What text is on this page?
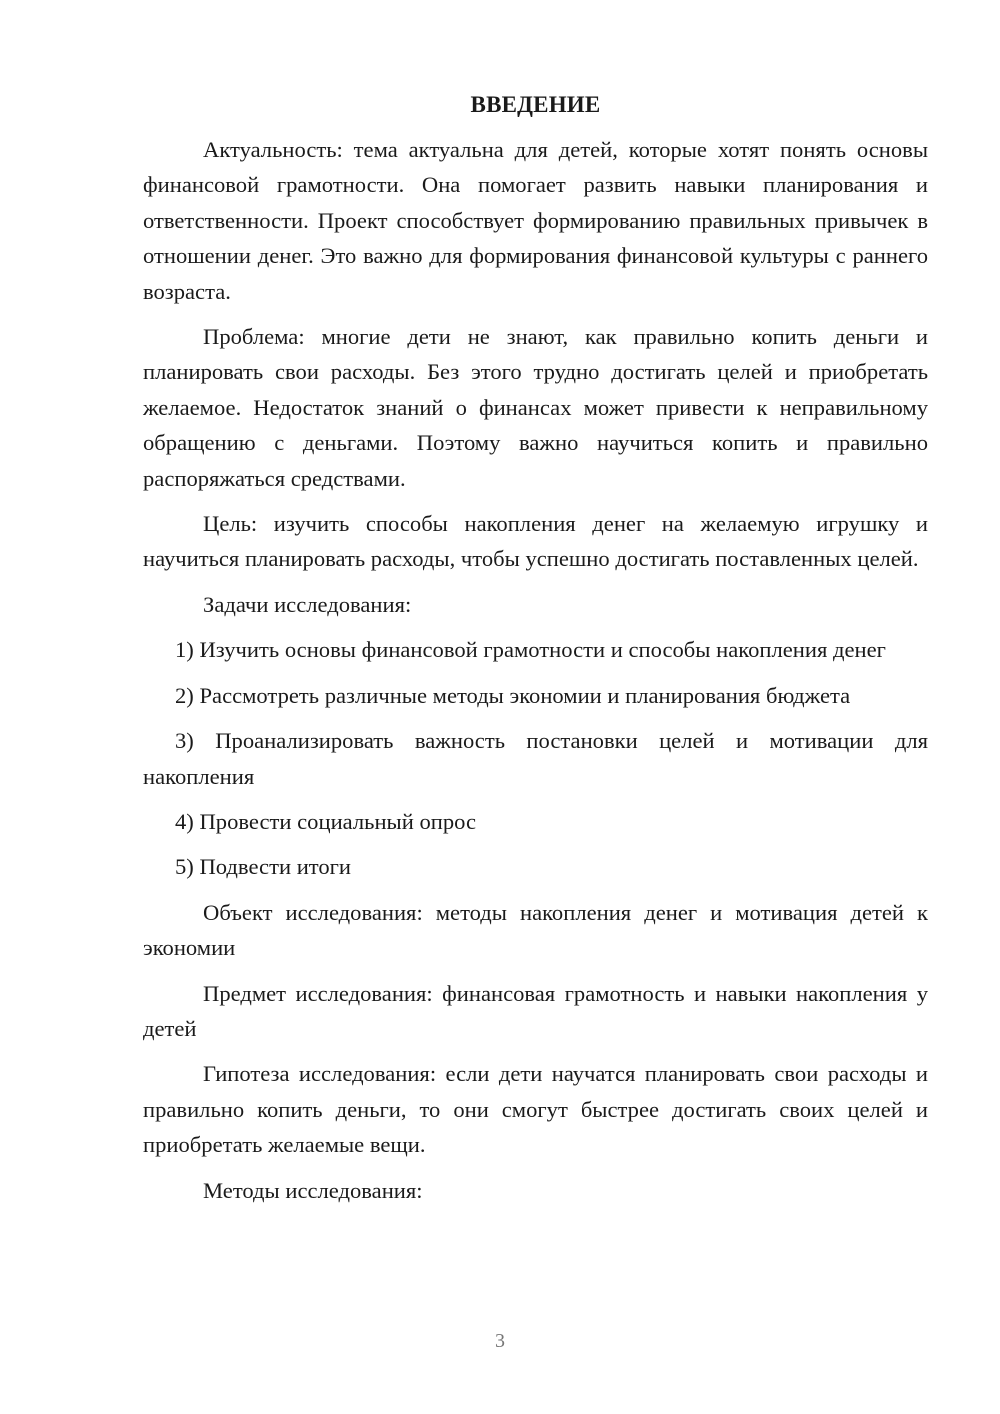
ВВЕДЕНИЕ

Актуальность: тема актуальна для детей, которые хотят понять основы финансовой грамотности. Она помогает развить навыки планирования и ответственности. Проект способствует формированию правильных привычек в отношении денег. Это важно для формирования финансовой культуры с раннего возраста.

Проблема: многие дети не знают, как правильно копить деньги и планировать свои расходы. Без этого трудно достигать целей и приобретать желаемое. Недостаток знаний о финансах может привести к неправильному обращению с деньгами. Поэтому важно научиться копить и правильно распоряжаться средствами.

Цель: изучить способы накопления денег на желаемую игрушку и научиться планировать расходы, чтобы успешно достигать поставленных целей.

Задачи исследования:

1) Изучить основы финансовой грамотности и способы накопления денег

2) Рассмотреть различные методы экономии и планирования бюджета

3) Проанализировать важность постановки целей и мотивации для накопления

4) Провести социальный опрос

5) Подвести итоги

Объект исследования: методы накопления денег и мотивация детей к экономии

Предмет исследования: финансовая грамотность и навыки накопления у детей

Гипотеза исследования: если дети научатся планировать свои расходы и правильно копить деньги, то они смогут быстрее достигать своих целей и приобретать желаемые вещи.

Методы исследования:

3
